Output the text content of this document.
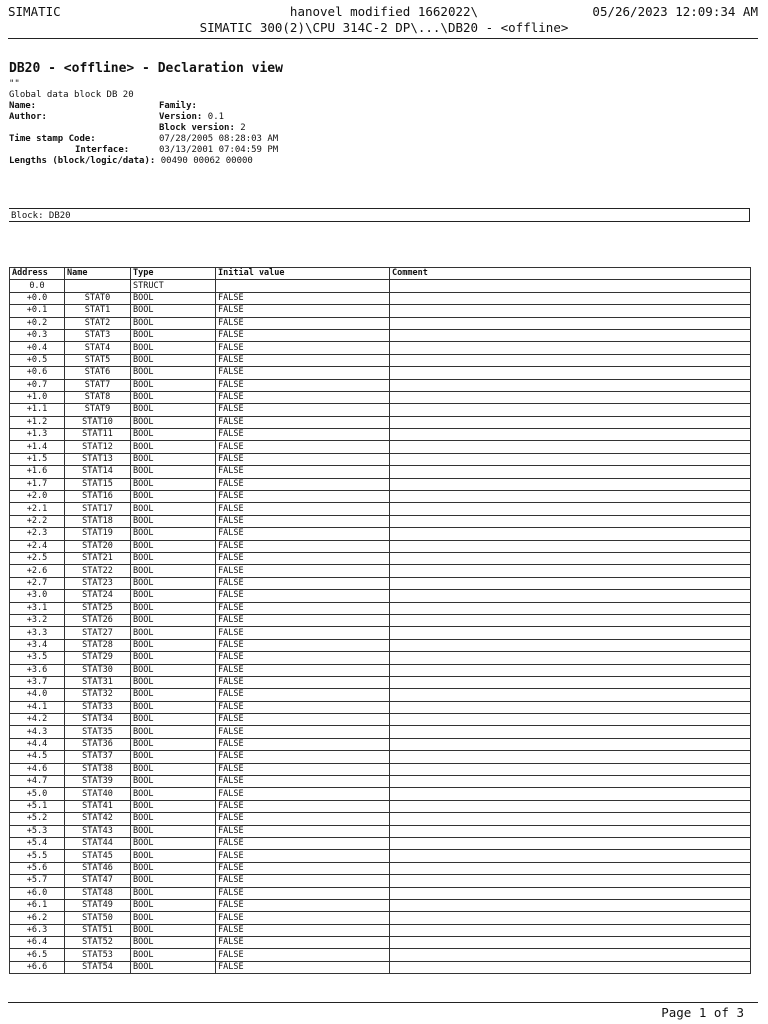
SIMATIC	hanovel modified 1662022\
SIMATIC 300(2)\CPU 314C-2 DP\...\DB20 - <offline>
05/26/2023 12:09:34 AM
DB20 - <offline> - Declaration view
""
Global data block DB 20
Name:	Family:
Author:	Version: 0.1
Block version: 2
Time stamp Code:	07/28/2005 08:28:03 AM
Interface:	03/13/2001 07:04:59 PM
Lengths (block/logic/data): 00490 00062 00000
Block: DB20
Address	Name	Type	Initial value	Comment
0.0		STRUCT		
+0.0	STAT0	BOOL	FALSE	
+0.1	STAT1	BOOL	FALSE	
+0.2	STAT2	BOOL	FALSE	
+0.3	STAT3	BOOL	FALSE	
+0.4	STAT4	BOOL	FALSE	
+0.5	STAT5	BOOL	FALSE	
+0.6	STAT6	BOOL	FALSE	
+0.7	STAT7	BOOL	FALSE	
+1.0	STAT8	BOOL	FALSE	
+1.1	STAT9	BOOL	FALSE	
+1.2	STAT10	BOOL	FALSE	
+1.3	STAT11	BOOL	FALSE	
+1.4	STAT12	BOOL	FALSE	
+1.5	STAT13	BOOL	FALSE	
+1.6	STAT14	BOOL	FALSE	
+1.7	STAT15	BOOL	FALSE	
+2.0	STAT16	BOOL	FALSE	
+2.1	STAT17	BOOL	FALSE	
+2.2	STAT18	BOOL	FALSE	
+2.3	STAT19	BOOL	FALSE	
+2.4	STAT20	BOOL	FALSE	
+2.5	STAT21	BOOL	FALSE	
+2.6	STAT22	BOOL	FALSE	
+2.7	STAT23	BOOL	FALSE	
+3.0	STAT24	BOOL	FALSE	
+3.1	STAT25	BOOL	FALSE	
+3.2	STAT26	BOOL	FALSE	
+3.3	STAT27	BOOL	FALSE	
+3.4	STAT28	BOOL	FALSE	
+3.5	STAT29	BOOL	FALSE	
+3.6	STAT30	BOOL	FALSE	
+3.7	STAT31	BOOL	FALSE	
+4.0	STAT32	BOOL	FALSE	
+4.1	STAT33	BOOL	FALSE	
+4.2	STAT34	BOOL	FALSE	
+4.3	STAT35	BOOL	FALSE	
+4.4	STAT36	BOOL	FALSE	
+4.5	STAT37	BOOL	FALSE	
+4.6	STAT38	BOOL	FALSE	
+4.7	STAT39	BOOL	FALSE	
+5.0	STAT40	BOOL	FALSE	
+5.1	STAT41	BOOL	FALSE	
+5.2	STAT42	BOOL	FALSE	
+5.3	STAT43	BOOL	FALSE	
+5.4	STAT44	BOOL	FALSE	
+5.5	STAT45	BOOL	FALSE	
+5.6	STAT46	BOOL	FALSE	
+5.7	STAT47	BOOL	FALSE	
+6.0	STAT48	BOOL	FALSE	
+6.1	STAT49	BOOL	FALSE	
+6.2	STAT50	BOOL	FALSE	
+6.3	STAT51	BOOL	FALSE	
+6.4	STAT52	BOOL	FALSE	
+6.5	STAT53	BOOL	FALSE	
+6.6	STAT54	BOOL	FALSE	
Page 1 of 3
